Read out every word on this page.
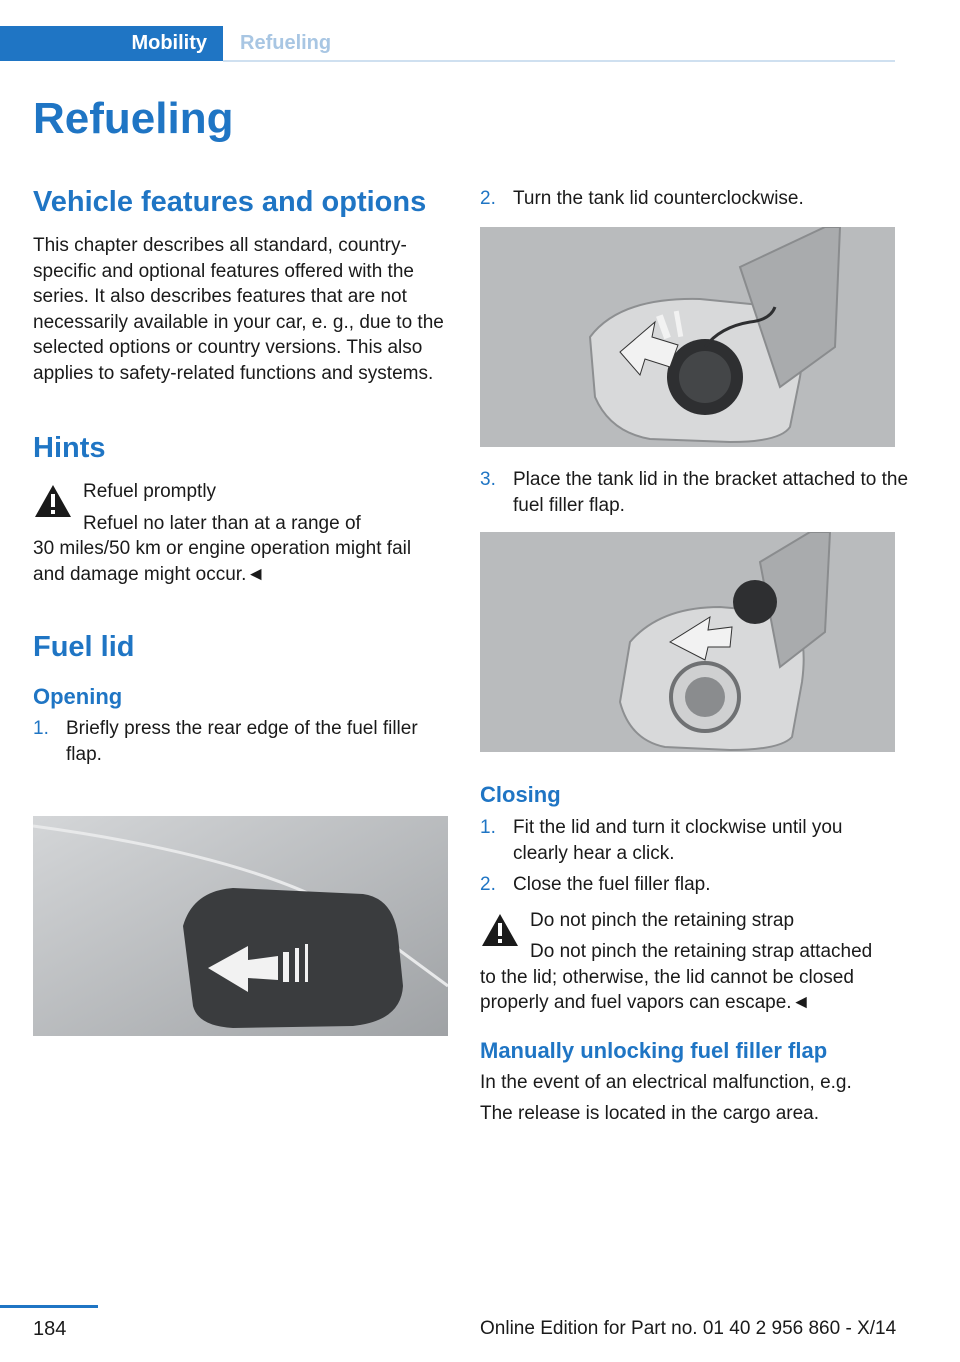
Mobility	Refueling
Refueling
Vehicle features and options

This chapter describes all standard, country-specific and optional features offered with the series. It also describes features that are not necessarily available in your car, e. g., due to the selected options or country versions. This also applies to safety-related functions and systems.

Hints

Refuel promptly

Refuel no later than at a range of

30 miles/50 km or engine operation might fail and damage might occur.◄

Fuel lid
Opening
1. Briefly press the rear edge of the fuel filler flap.
2. Turn the tank lid counterclockwise.
3. Place the tank lid in the bracket attached to the fuel filler flap.
Closing
1. Fit the lid and turn it clockwise until you clearly hear a click.
2. Close the fuel filler flap.

Do not pinch the retaining strap

Do not pinch the retaining strap attached

to the lid; otherwise, the lid cannot be closed properly and fuel vapors can escape.◄

Manually unlocking fuel filler flap

In the event of an electrical malfunction, e.g.

The release is located in the cargo area.

184	Online Edition for Part no. 01 40 2 956 860 - X/14
